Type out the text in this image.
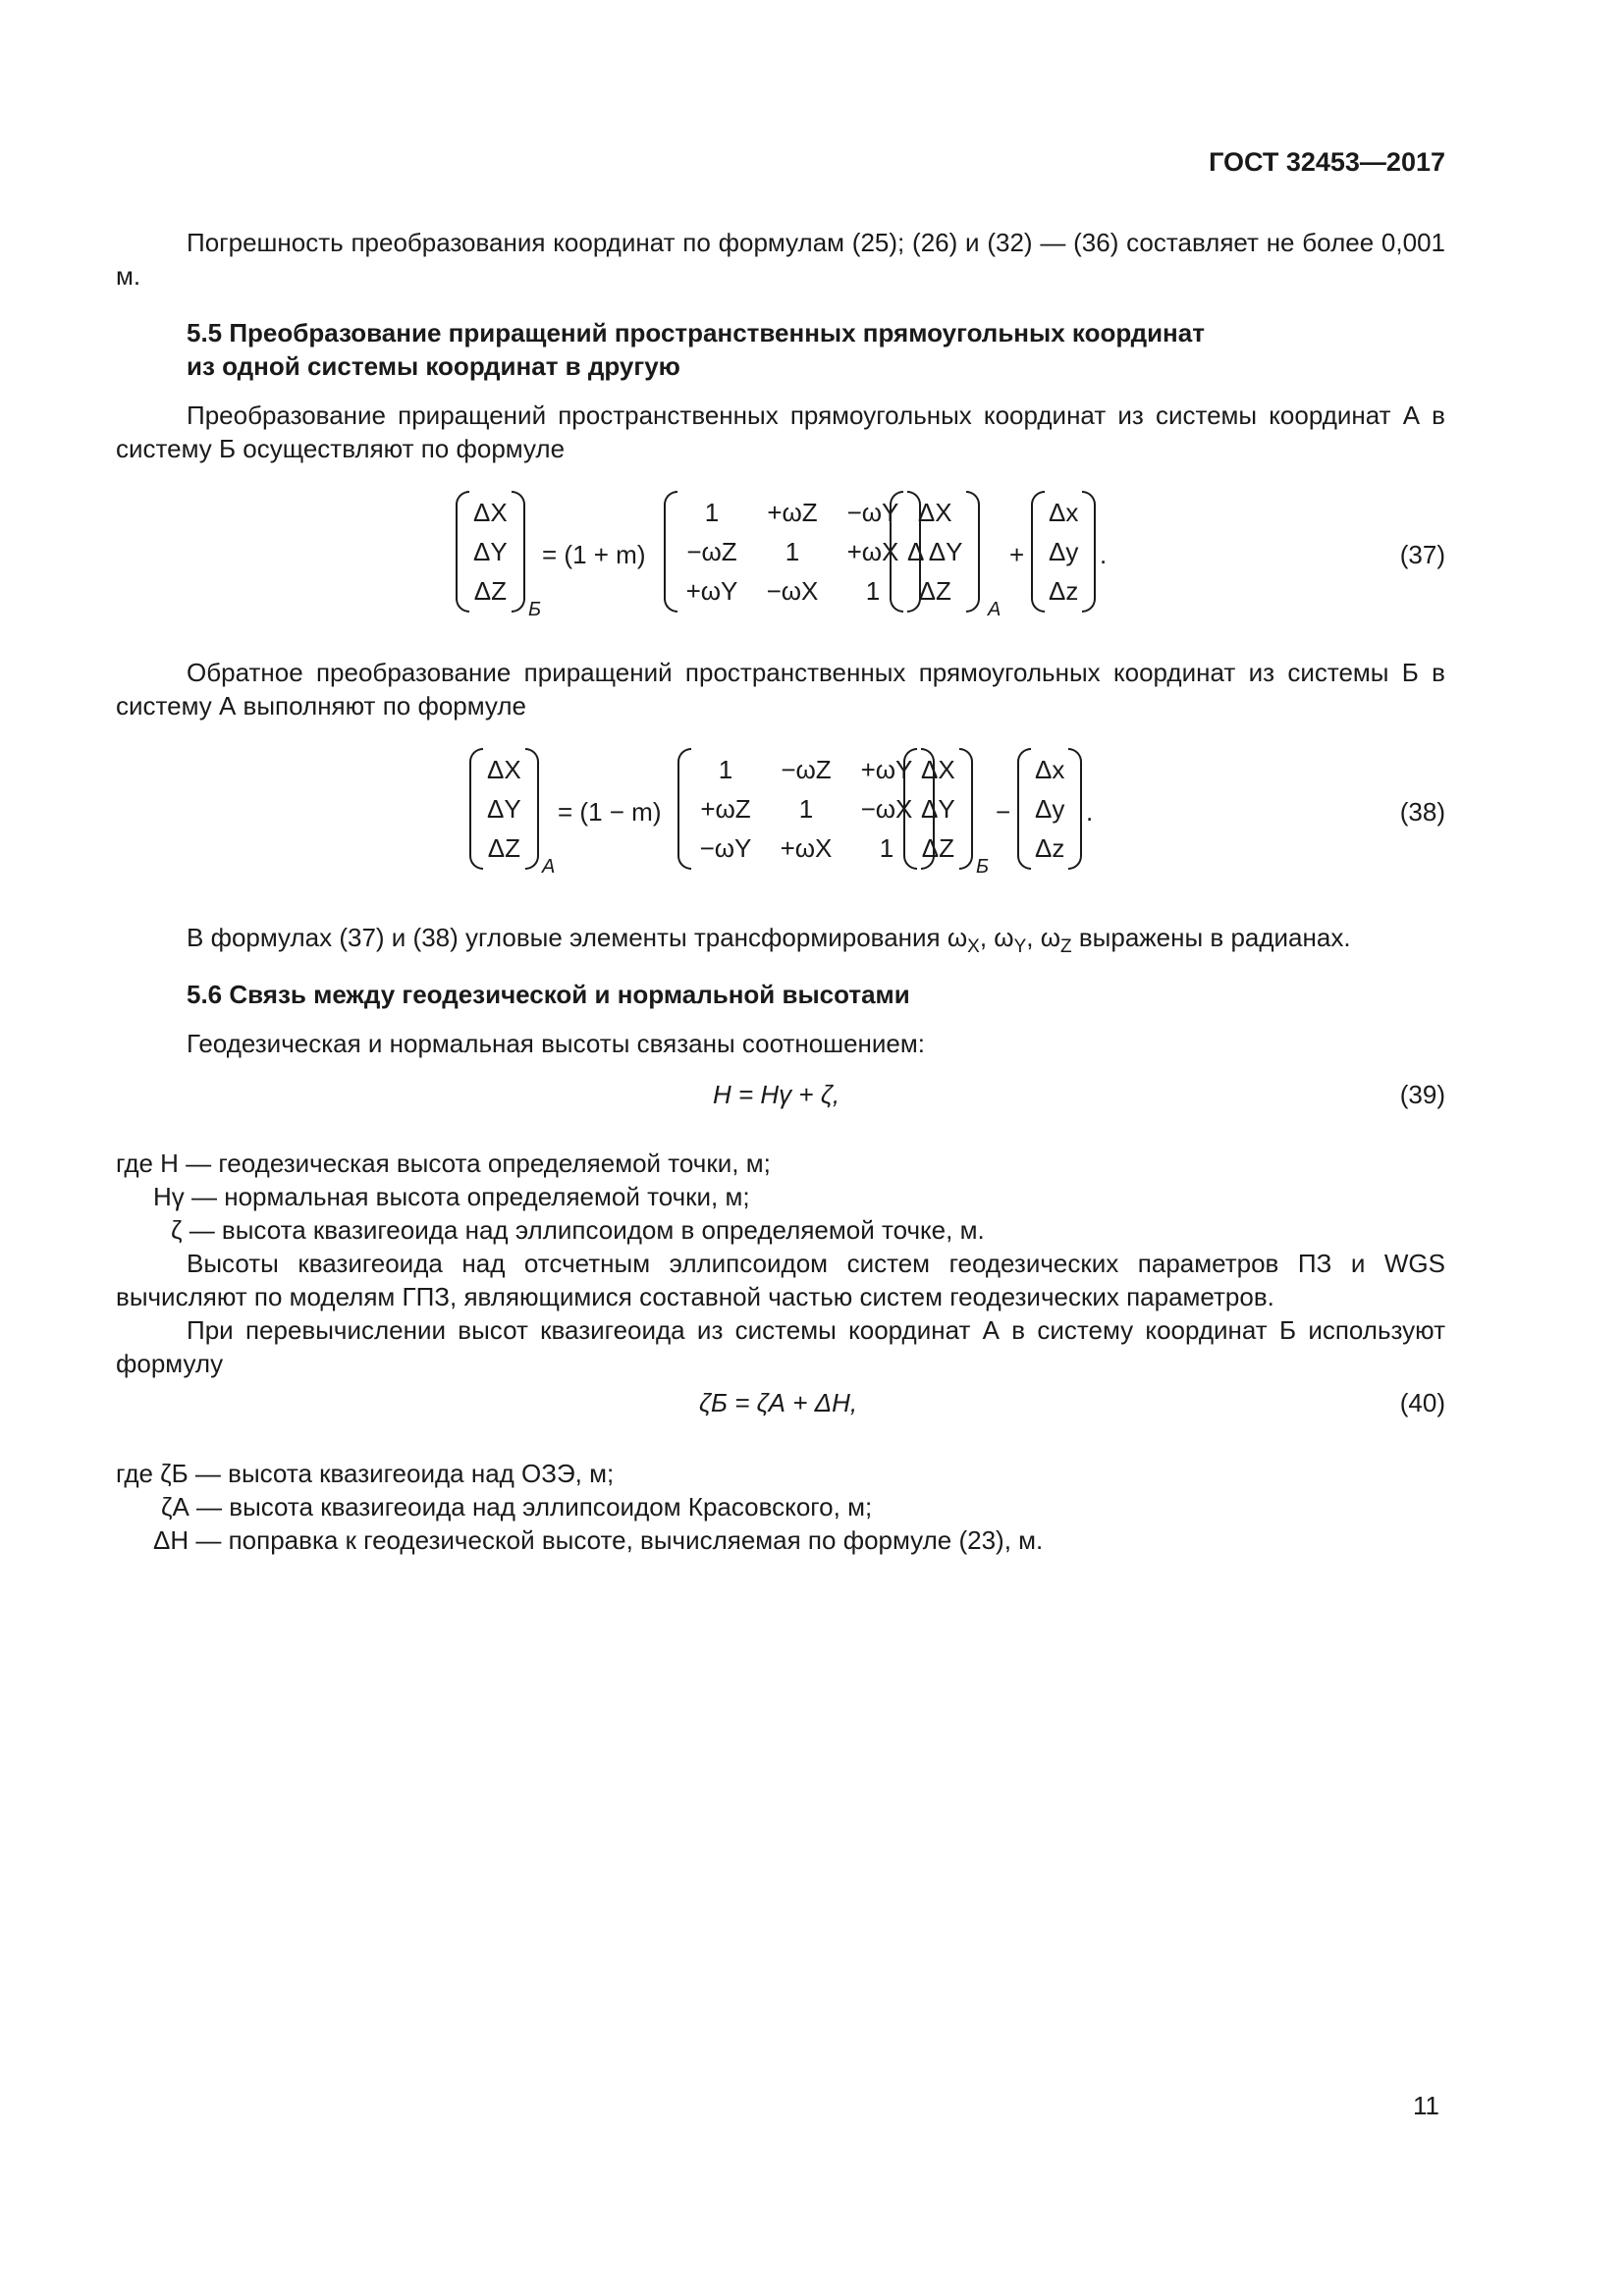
ГОСТ 32453—2017
Погрешность преобразования координат по формулам (25); (26) и (32) — (36) составляет не более 0,001 м.
5.5 Преобразование приращений пространственных прямоугольных координат
из одной системы координат в другую
Преобразование приращений пространственных прямоугольных координат из системы координат А в систему Б осуществляют по формуле
ΔX
ΔY
ΔZ
Б
= (1 + m)
1	+ωZ −ωY
−ωZ	1	+ωX
+ωY −ωX	1
ΔX
Δ ΔY
ΔZ
А
+
Δx
Δy
Δz
.	(37)
Обратное преобразование приращений пространственных прямоугольных координат из системы Б в систему А выполняют по формуле
ΔX
ΔY
ΔZ
А
= (1 − m)
1	−ωZ +ωY
+ωZ	1	−ωX
−ωY +ωX	1
ΔX
ΔY
ΔZ
Б
−
Δx
Δy
Δz
.	(38)
В формулах (37) и (38) угловые элементы трансформирования $\omega_X$, $\omega_Y$, $\omega_Z$ выражены в радианах.
5.6 Связь между геодезической и нормальной высотами
Геодезическая и нормальная высоты связаны соотношением:
H = Hγ + ζ,	(39)
где H — геодезическая высота определяемой точки, м;
Hγ — нормальная высота определяемой точки, м;
ζ — высота квазигеоида над эллипсоидом в определяемой точке, м.
Высоты квазигеоида над отсчетным эллипсоидом систем геодезических параметров ПЗ и WGS вычисляют по моделям ГПЗ, являющимися составной частью систем геодезических параметров.
При перевычислении высот квазигеоида из системы координат А в систему координат Б используют формулу
ζБ = ζА + ΔH,	(40)
где ζБ — высота квазигеоида над ОЗЭ, м;
ζА — высота квазигеоида над эллипсоидом Красовского, м;
ΔH — поправка к геодезической высоте, вычисляемая по формуле (23), м.
11
